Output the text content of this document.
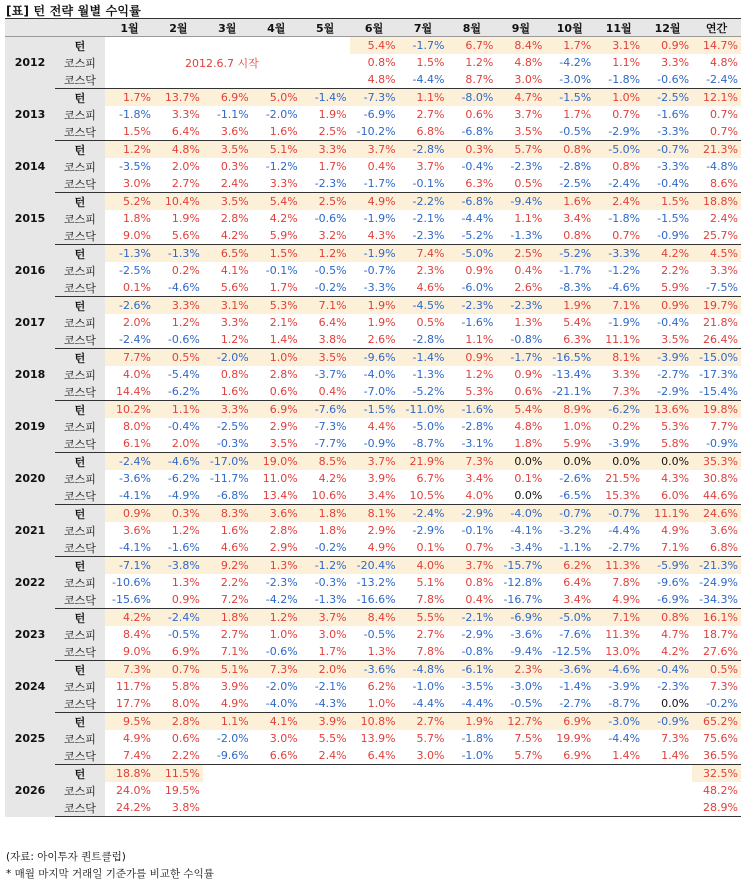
[표] 턴 전략 월별 수익률
		1월	2월	3월	4월	5월	6월	7월	8월	9월	10월	11월	12월	연간
2012	턴						5.4%	-1.7%	6.7%	8.4%	1.7%	3.1%	0.9%	14.7%
	코스피	2012.6.7 시작					0.8%	1.5%	1.2%	4.8%	-4.2%	1.1%	3.3%	4.8%
	코스닥						4.8%	-4.4%	8.7%	3.0%	-3.0%	-1.8%	-0.6%	-2.4%
2013	턴	1.7%	13.7%	6.9%	5.0%	-1.4%	-7.3%	1.1%	-8.0%	4.7%	-1.5%	1.0%	-2.5%	12.1%
	코스피	-1.8%	3.3%	-1.1%	-2.0%	1.9%	-6.9%	2.7%	0.6%	3.7%	1.7%	0.7%	-1.6%	0.7%
	코스닥	1.5%	6.4%	3.6%	1.6%	2.5%	-10.2%	6.8%	-6.8%	3.5%	-0.5%	-2.9%	-3.3%	0.7%
2014	턴	1.2%	4.8%	3.5%	5.1%	3.3%	3.7%	-2.8%	0.3%	5.7%	0.8%	-5.0%	-0.7%	21.3%
	코스피	-3.5%	2.0%	0.3%	-1.2%	1.7%	0.4%	3.7%	-0.4%	-2.3%	-2.8%	0.8%	-3.3%	-4.8%
	코스닥	3.0%	2.7%	2.4%	3.3%	-2.3%	-1.7%	-0.1%	6.3%	0.5%	-2.5%	-2.4%	-0.4%	8.6%
2015	턴	5.2%	10.4%	3.5%	5.4%	2.5%	4.9%	-2.2%	-6.8%	-9.4%	1.6%	2.4%	1.5%	18.8%
	코스피	1.8%	1.9%	2.8%	4.2%	-0.6%	-1.9%	-2.1%	-4.4%	1.1%	3.4%	-1.8%	-1.5%	2.4%
	코스닥	9.0%	5.6%	4.2%	5.9%	3.2%	4.3%	-2.3%	-5.2%	-1.3%	0.8%	0.7%	-0.9%	25.7%
2016	턴	-1.3%	-1.3%	6.5%	1.5%	1.2%	-1.9%	7.4%	-5.0%	2.5%	-5.2%	-3.3%	4.2%	4.5%
	코스피	-2.5%	0.2%	4.1%	-0.1%	-0.5%	-0.7%	2.3%	0.9%	0.4%	-1.7%	-1.2%	2.2%	3.3%
	코스닥	0.1%	-4.6%	5.6%	1.7%	-0.2%	-3.3%	4.6%	-6.0%	2.6%	-8.3%	-4.6%	5.9%	-7.5%
2017	턴	-2.6%	3.3%	3.1%	5.3%	7.1%	1.9%	-4.5%	-2.3%	-2.3%	1.9%	7.1%	0.9%	19.7%
	코스피	2.0%	1.2%	3.3%	2.1%	6.4%	1.9%	0.5%	-1.6%	1.3%	5.4%	-1.9%	-0.4%	21.8%
	코스닥	-2.4%	-0.6%	1.2%	1.4%	3.8%	2.6%	-2.8%	1.1%	-0.8%	6.3%	11.1%	3.5%	26.4%
2018	턴	7.7%	0.5%	-2.0%	1.0%	3.5%	-9.6%	-1.4%	0.9%	-1.7%	-16.5%	8.1%	-3.9%	-15.0%
	코스피	4.0%	-5.4%	0.8%	2.8%	-3.7%	-4.0%	-1.3%	1.2%	0.9%	-13.4%	3.3%	-2.7%	-17.3%
	코스닥	14.4%	-6.2%	1.6%	0.6%	0.4%	-7.0%	-5.2%	5.3%	0.6%	-21.1%	7.3%	-2.9%	-15.4%
2019	턴	10.2%	1.1%	3.3%	6.9%	-7.6%	-1.5%	-11.0%	-1.6%	5.4%	8.9%	-6.2%	13.6%	19.8%
	코스피	8.0%	-0.4%	-2.5%	2.9%	-7.3%	4.4%	-5.0%	-2.8%	4.8%	1.0%	0.2%	5.3%	7.7%
	코스닥	6.1%	2.0%	-0.3%	3.5%	-7.7%	-0.9%	-8.7%	-3.1%	1.8%	5.9%	-3.9%	5.8%	-0.9%
2020	턴	-2.4%	-4.6%	-17.0%	19.0%	8.5%	3.7%	21.9%	7.3%	0.0%	0.0%	0.0%	0.0%	35.3%
	코스피	-3.6%	-6.2%	-11.7%	11.0%	4.2%	3.9%	6.7%	3.4%	0.1%	-2.6%	21.5%	4.3%	30.8%
	코스닥	-4.1%	-4.9%	-6.8%	13.4%	10.6%	3.4%	10.5%	4.0%	0.0%	-6.5%	15.3%	6.0%	44.6%
2021	턴	0.9%	0.3%	8.3%	3.6%	1.8%	8.1%	-2.4%	-2.9%	-4.0%	-0.7%	-0.7%	11.1%	24.6%
	코스피	3.6%	1.2%	1.6%	2.8%	1.8%	2.9%	-2.9%	-0.1%	-4.1%	-3.2%	-4.4%	4.9%	3.6%
	코스닥	-4.1%	-1.6%	4.6%	2.9%	-0.2%	4.9%	0.1%	0.7%	-3.4%	-1.1%	-2.7%	7.1%	6.8%
2022	턴	-7.1%	-3.8%	9.2%	1.3%	-1.2%	-20.4%	4.0%	3.7%	-15.7%	6.2%	11.3%	-5.9%	-21.3%
	코스피	-10.6%	1.3%	2.2%	-2.3%	-0.3%	-13.2%	5.1%	0.8%	-12.8%	6.4%	7.8%	-9.6%	-24.9%
	코스닥	-15.6%	0.9%	7.2%	-4.2%	-1.3%	-16.6%	7.8%	0.4%	-16.7%	3.4%	4.9%	-6.9%	-34.3%
2023	턴	4.2%	-2.4%	1.8%	1.2%	3.7%	8.4%	5.5%	-2.1%	-6.9%	-5.0%	7.1%	0.8%	16.1%
	코스피	8.4%	-0.5%	2.7%	1.0%	3.0%	-0.5%	2.7%	-2.9%	-3.6%	-7.6%	11.3%	4.7%	18.7%
	코스닥	9.0%	6.9%	7.1%	-0.6%	1.7%	1.3%	7.8%	-0.8%	-9.4%	-12.5%	13.0%	4.2%	27.6%
2024	턴	7.3%	0.7%	5.1%	7.3%	2.0%	-3.6%	-4.8%	-6.1%	2.3%	-3.6%	-4.6%	-0.4%	0.5%
	코스피	11.7%	5.8%	3.9%	-2.0%	-2.1%	6.2%	-1.0%	-3.5%	-3.0%	-1.4%	-3.9%	-2.3%	7.3%
	코스닥	17.7%	8.0%	4.9%	-4.0%	-4.3%	1.0%	-4.4%	-4.4%	-0.5%	-2.7%	-8.7%	0.0%	-0.2%
2025	턴	9.5%	2.8%	1.1%	4.1%	3.9%	10.8%	2.7%	1.9%	12.7%	6.9%	-3.0%	-0.9%	65.2%
	코스피	4.9%	0.6%	-2.0%	3.0%	5.5%	13.9%	5.7%	-1.8%	7.5%	19.9%	-4.4%	7.3%	75.6%
	코스닥	7.4%	2.2%	-9.6%	6.6%	2.4%	6.4%	3.0%	-1.0%	5.7%	6.9%	1.4%	1.4%	36.5%
2026	턴	18.8%	11.5%											32.5%
	코스피	24.0%	19.5%											48.2%
	코스닥	24.2%	3.8%											28.9%
(자료: 아이투자 퀀트클럽)
* 매월 마지막 거래일 기준가를 비교한 수익률
